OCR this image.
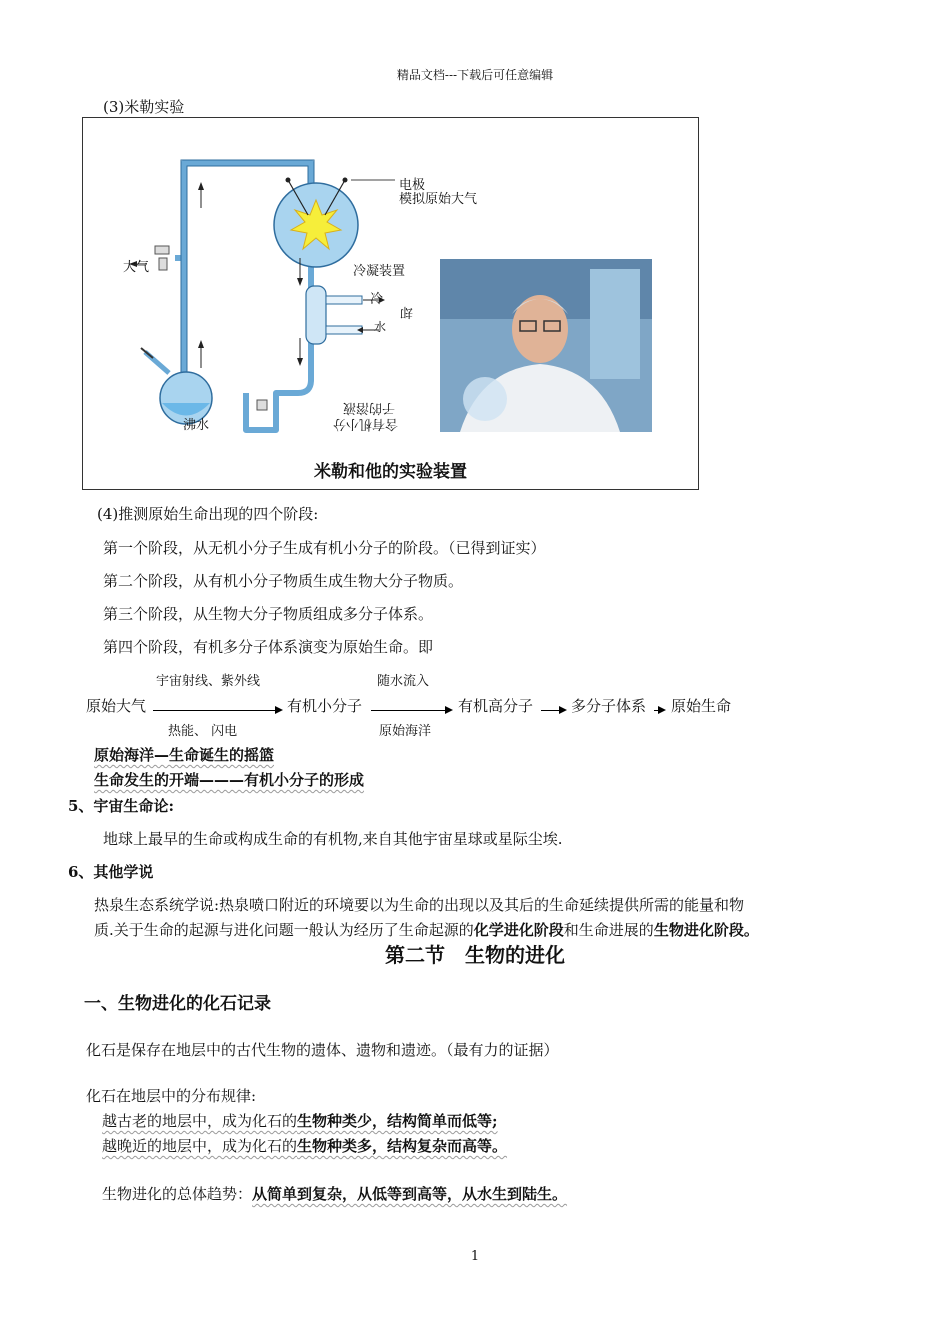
精品文档---下载后可任意编辑
(3)米勒实验
电极
模拟原始大气
冷凝装置
冷
却
水
沸水	含有机小分
子的溶液
大气
米勒和他的实验装置
(4)推测原始生命出现的四个阶段:
第一个阶段，从无机小分子生成有机小分子的阶段。（已得到证实）
第二个阶段，从有机小分子物质生成生物大分子物质。
第三个阶段，从生物大分子物质组成多分子体系。
第四个阶段，有机多分子体系演变为原始生命。即
宇宙射线、紫外线	随水流入
原始大气	有机小分子	有机高分子	多分子体系 原始生命
热能、 闪电	原始海洋
原始海洋—生命诞生的摇篮
生命发生的开端———有机小分子的形成
5、宇宙生命论:
地球上最早的生命或构成生命的有机物,来自其他宇宙星球或星际尘埃.
6、其他学说
热泉生态系统学说:热泉喷口附近的环境要以为生命的出现以及其后的生命延续提供所需的能量和物
质.关于生命的起源与进化问题一般认为经历了生命起源的化学进化阶段和生命进展的生物进化阶段。
第二节　生物的进化
一、生物进化的化石记录
化石是保存在地层中的古代生物的遗体、遗物和遗迹。（最有力的证据）
化石在地层中的分布规律:
越古老的地层中，成为化石的生物种类少，结构简单而低等;
越晚近的地层中，成为化石的生物种类多，结构复杂而高等。
生物进化的总体趋势：从简单到复杂，从低等到高等，从水生到陆生。
1
